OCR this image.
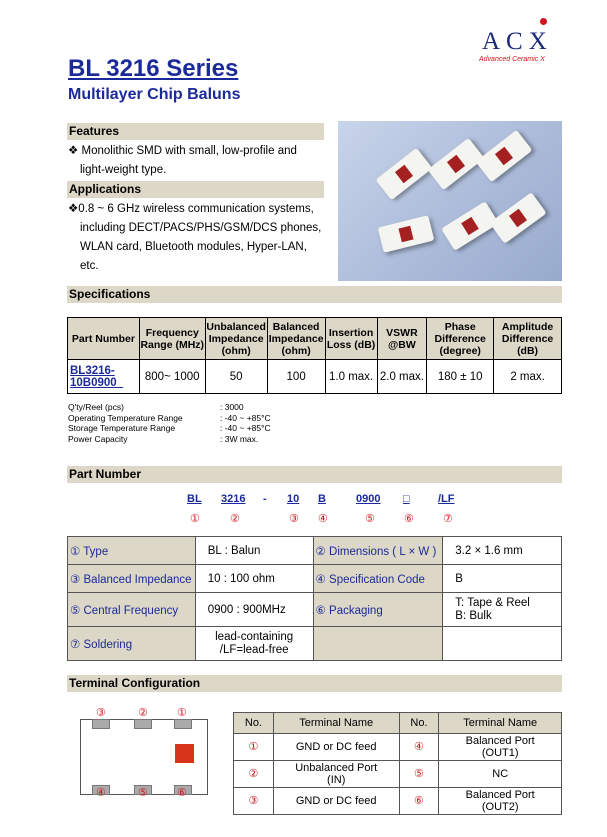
ACX
Advanced Ceramic X
BL 3216 Series
Multilayer Chip Baluns
Features
❖ Monolithic SMD with small, low-profile and
light-weight type.
Applications
❖0.8 ~ 6 GHz wireless communication systems,
including DECT/PACS/PHS/GSM/DCS phones,
WLAN card, Bluetooth modules, Hyper-LAN,
etc.
Specifications
Part Number	Frequency Range (MHz)	Unbalanced Impedance (ohm)	Balanced Impedance (ohm)	Insertion Loss (dB)	VSWR @BW	Phase Difference (degree)	Amplitude Difference (dB)
BL3216-10B0900_	800~ 1000	50	100	1.0 max.	2.0 max.	180 ± 10	2 max.
Q'ty/Reel (pcs)	: 3000
Operating Temperature Range	: -40 ~ +85°C
Storage Temperature Range	: -40 ~ +85°C
Power Capacity	: 3W max.
Part Number
BL 3216 - 10 B	0900 □	/LF
①	②	③ ④	⑤	⑥	⑦
① Type	BL : Balun	② Dimensions ( L × W )	3.2 × 1.6 mm
③ Balanced Impedance	10 : 100 ohm	④ Specification Code	B
⑤ Central Frequency	0900 : 900MHz	⑥ Packaging	T: Tape & Reel
B: Bulk
⑦ Soldering	lead-containing
/LF=lead-free		
Terminal Configuration
③	②	①
④	⑤	⑥
No.	Terminal Name	No.	Terminal Name
①	GND or DC feed	④	Balanced Port
(OUT1)
②	Unbalanced Port
(IN)	⑤	NC
③	GND or DC feed	⑥	Balanced Port
(OUT2)
